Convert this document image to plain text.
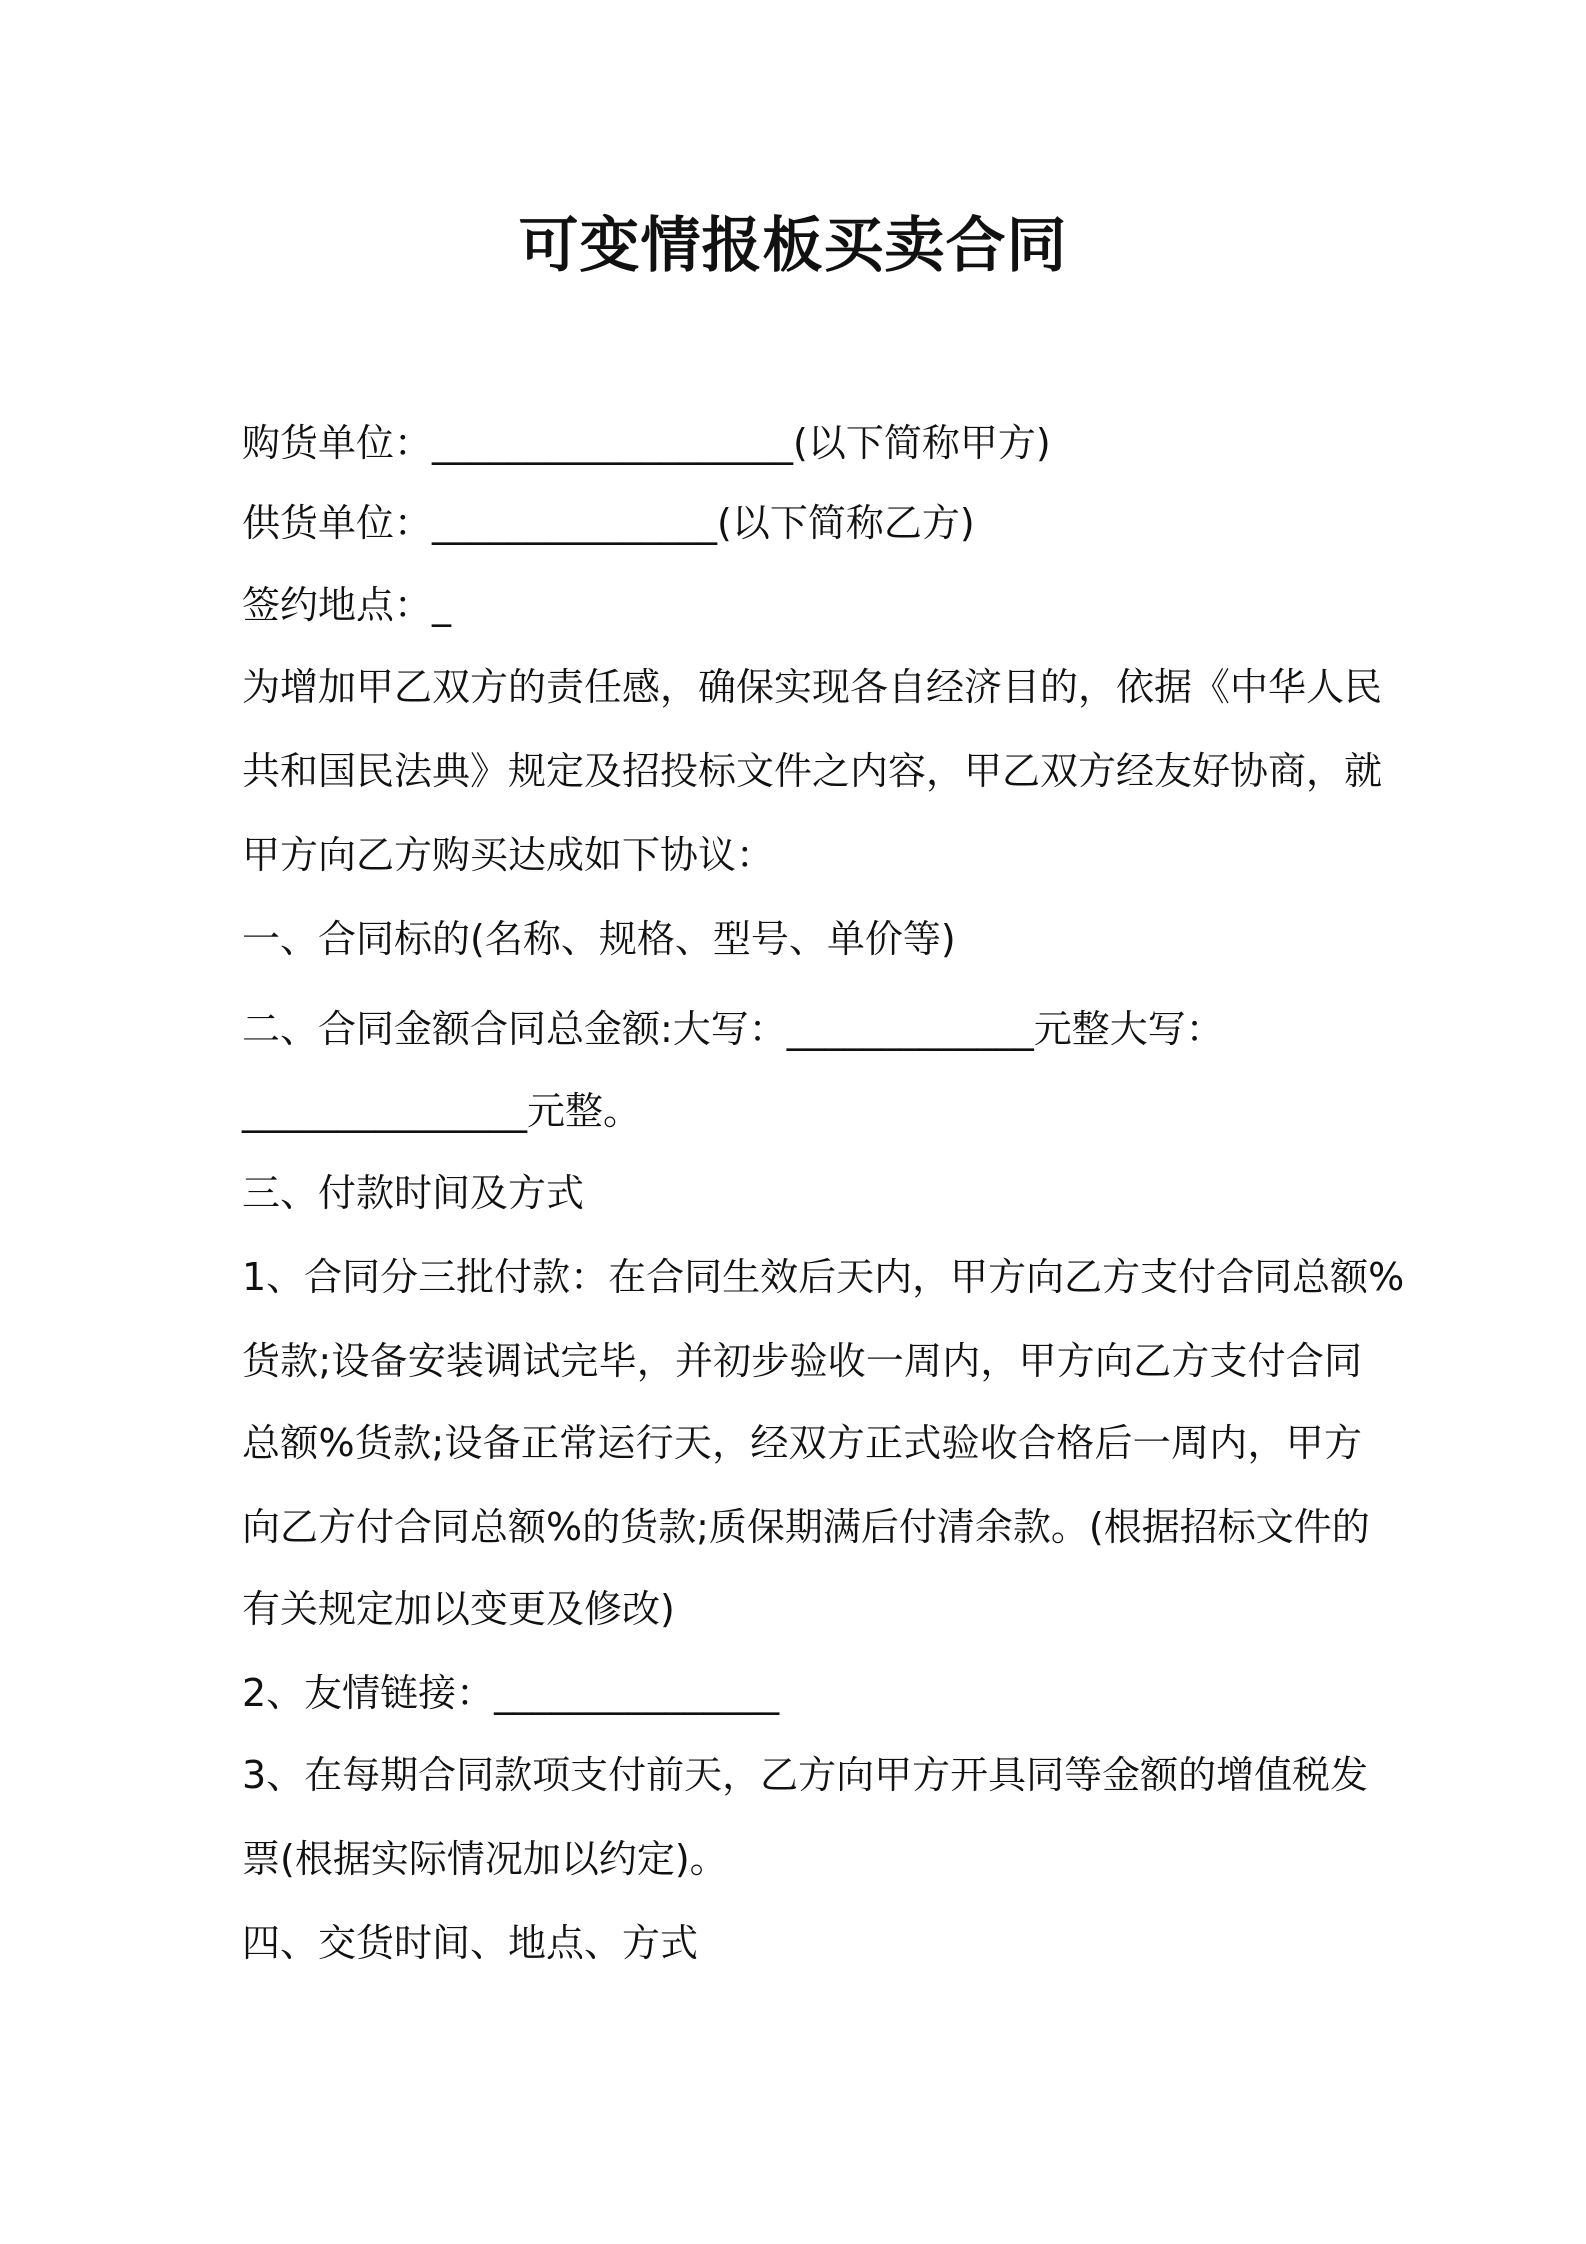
可变情报板买卖合同

购货单位：___________________(以下简称甲方)

供货单位：_______________(以下简称乙方)

签约地点：_

为增加甲乙双方的责任感，确保实现各自经济目的，依据《中华人民

共和国民法典》规定及招投标文件之内容，甲乙双方经友好协商，就

甲方向乙方购买达成如下协议：

一、合同标的(名称、规格、型号、单价等)

二、合同金额合同总金额:大写：_____________元整大写：

_______________元整。

三、付款时间及方式

1、合同分三批付款：在合同生效后天内，甲方向乙方支付合同总额%

货款;设备安装调试完毕，并初步验收一周内，甲方向乙方支付合同

总额%货款;设备正常运行天，经双方正式验收合格后一周内，甲方

向乙方付合同总额%的货款;质保期满后付清余款。(根据招标文件的

有关规定加以变更及修改)

2、友情链接：_______________

3、在每期合同款项支付前天，乙方向甲方开具同等金额的增值税发

票(根据实际情况加以约定)。

四、交货时间、地点、方式
